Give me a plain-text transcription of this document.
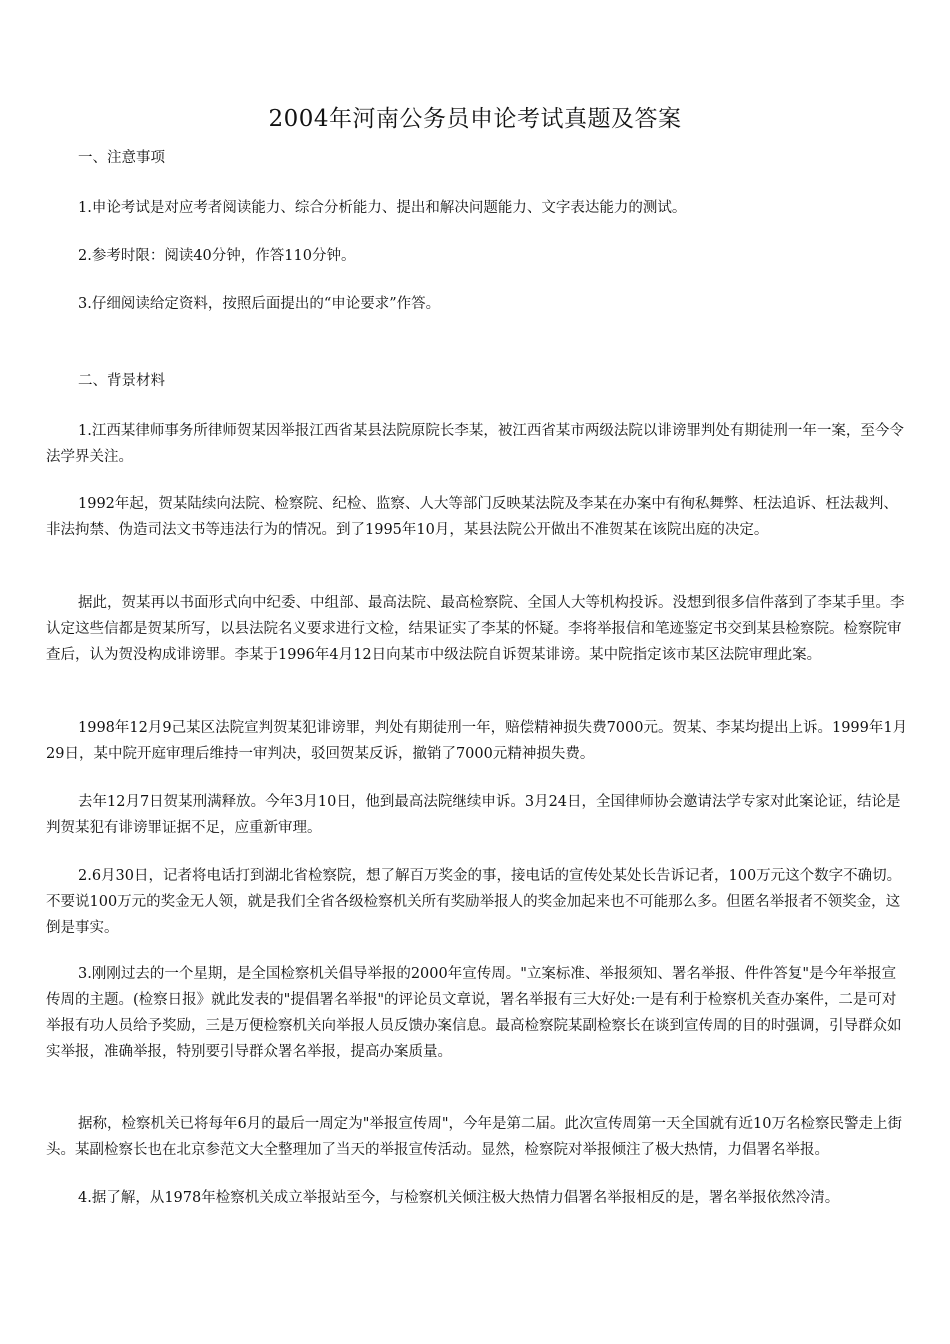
2004年河南公务员申论考试真题及答案

一、注意事项

1.申论考试是对应考者阅读能力、综合分析能力、提出和解决问题能力、文字表达能力的测试。

2.参考时限：阅读40分钟，作答110分钟。

3.仔细阅读给定资料，按照后面提出的“申论要求”作答。

二、背景材料

1.江西某律师事务所律师贺某因举报江西省某县法院原院长李某，被江西省某市两级法院以诽谤罪判处有期徒刑一年一案，至今令法学界关注。

1992年起，贺某陆续向法院、检察院、纪检、监察、人大等部门反映某法院及李某在办案中有徇私舞弊、枉法追诉、枉法裁判、非法拘禁、伪造司法文书等违法行为的情况。到了1995年10月，某县法院公开做出不准贺某在该院出庭的决定。

据此，贺某再以书面形式向中纪委、中组部、最高法院、最高检察院、全国人大等机构投诉。没想到很多信件落到了李某手里。李认定这些信都是贺某所写，以县法院名义要求进行文检，结果证实了李某的怀疑。李将举报信和笔迹鉴定书交到某县检察院。检察院审查后，认为贺没构成诽谤罪。李某于1996年4月12日向某市中级法院自诉贺某诽谤。某中院指定该市某区法院审理此案。

1998年12月9己某区法院宣判贺某犯诽谤罪，判处有期徒刑一年，赔偿精神损失费7000元。贺某、李某均提出上诉。1999年1月29日，某中院开庭审理后维持一审判决，驳回贺某反诉，撤销了7000元精神损失费。

去年12月7日贺某刑满释放。今年3月10日，他到最高法院继续申诉。3月24日，全国律师协会邀请法学专家对此案论证，结论是判贺某犯有诽谤罪证据不足，应重新审理。

2.6月30日，记者将电话打到湖北省检察院，想了解百万奖金的事，接电话的宣传处某处长告诉记者，100万元这个数字不确切。不要说100万元的奖金无人领，就是我们全省各级检察机关所有奖励举报人的奖金加起来也不可能那么多。但匿名举报者不领奖金，这倒是事实。

3.刚刚过去的一个星期，是全国检察机关倡导举报的2000年宣传周。"立案标准、举报须知、署名举报、件件答复"是今年举报宣传周的主题。(检察日报》就此发表的"提倡署名举报"的评论员文章说，署名举报有三大好处:一是有利于检察机关查办案件，二是可对举报有功人员给予奖励，三是万便检察机关向举报人员反馈办案信息。最高检察院某副检察长在谈到宣传周的目的时强调，引导群众如实举报，准确举报，特别要引导群众署名举报，提高办案质量。

据称，检察机关已将每年6月的最后一周定为"举报宣传周"，今年是第二届。此次宣传周第一天全国就有近10万名检察民警走上街头。某副检察长也在北京参范文大全整理加了当天的举报宣传活动。显然，检察院对举报倾注了极大热情，力倡署名举报。

4.据了解，从1978年检察机关成立举报站至今，与检察机关倾注极大热情力倡署名举报相反的是，署名举报依然冷清。
